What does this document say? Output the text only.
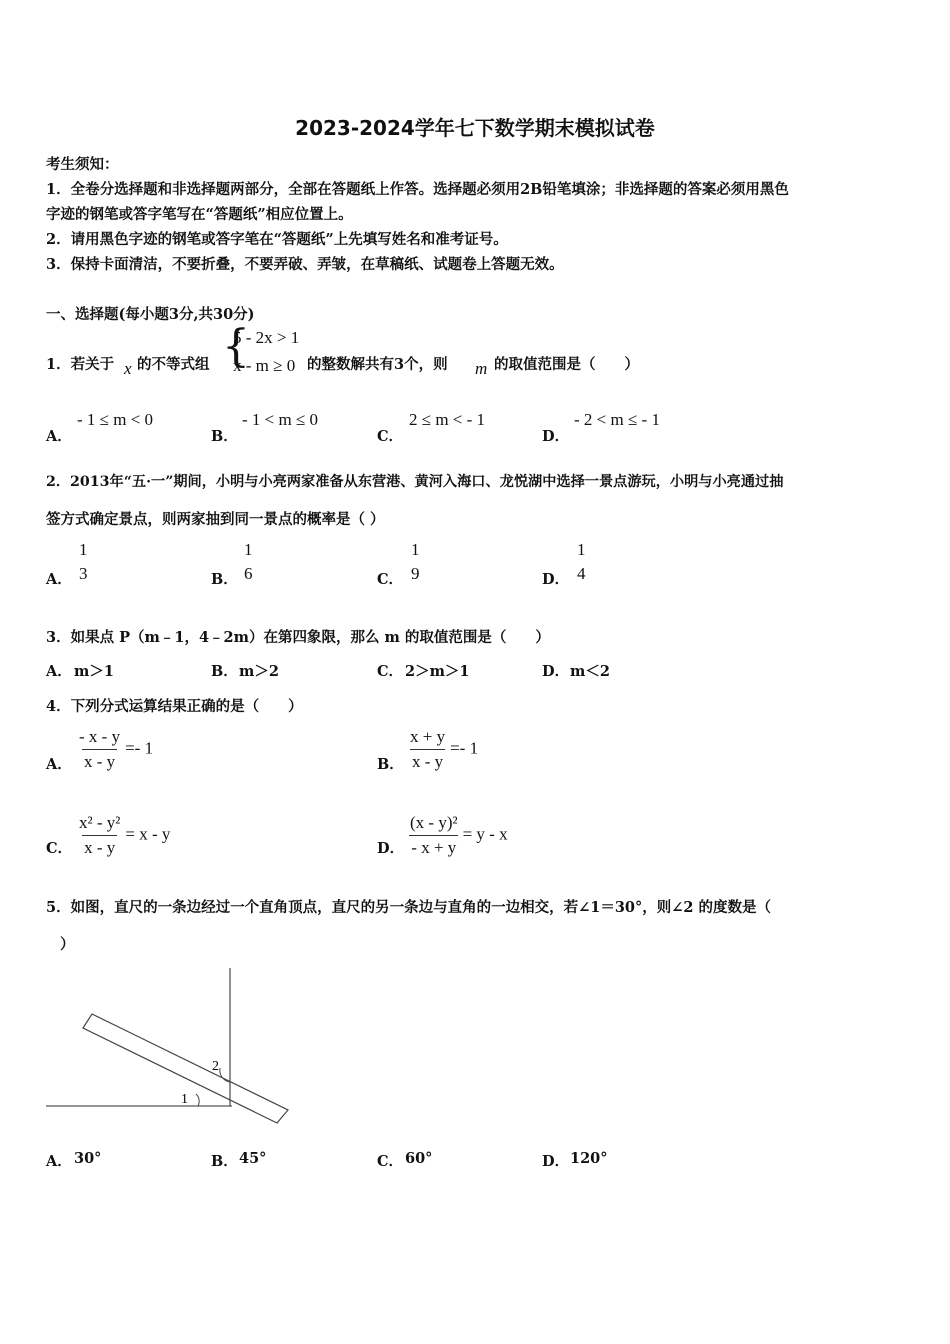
2023-2024学年七下数学期末模拟试卷
考生须知：
1．全卷分选择题和非选择题两部分，全部在答题纸上作答。选择题必须用2B铅笔填涂；非选择题的答案必须用黑色
字迹的钢笔或答字笔写在“答题纸”相应位置上。
2．请用黑色字迹的钢笔或答字笔在“答题纸”上先填写姓名和准考证号。
3．保持卡面清洁，不要折叠，不要弄破、弄皱，在草稿纸、试题卷上答题无效。
一、选择题(每小题3分,共30分)
1．若关于 x 的不等式组 {
5 - 2x > 1
x - m ≥ 0 的整数解共有3个，则 m 的取值范围是（　　）
A．
- 1 ≤ m < 0
B．
- 1 < m ≤ 0
C．
2 ≤ m < - 1
D．
- 2 < m ≤ - 1
2．2013年“五·一”期间，小明与小亮两家准备从东营港、黄河入海口、龙悦湖中选择一景点游玩，小明与小亮通过抽
签方式确定景点，则两家抽到同一景点的概率是（ ）
A．
1
3	B．
1
6	C．
1
9	D．
1
4
3．如果点 P（m﹣1，4﹣2m）在第四象限，那么 m 的取值范围是（　　）
A． m＞1	B． m＞2	C． 2＞m＞1	D． m＜2
4．下列分式运算结果正确的是（　　）
A． $\frac{- x - y}{x - y} =- 1$
B． $\frac{x + y}{x - y} =- 1$
C． $\frac{\text{x² - y²}}{x - y} = x - y$
D． $\frac{\text{(x - y)²}}{- x + y} = y - x$
5．如图，直尺的一条边经过一个直角顶点，直尺的另一条边与直角的一边相交，若∠1＝30°，则∠2 的度数是（
）
2
1
A． 30°	B． 45°	C． 60°	D． 120°
